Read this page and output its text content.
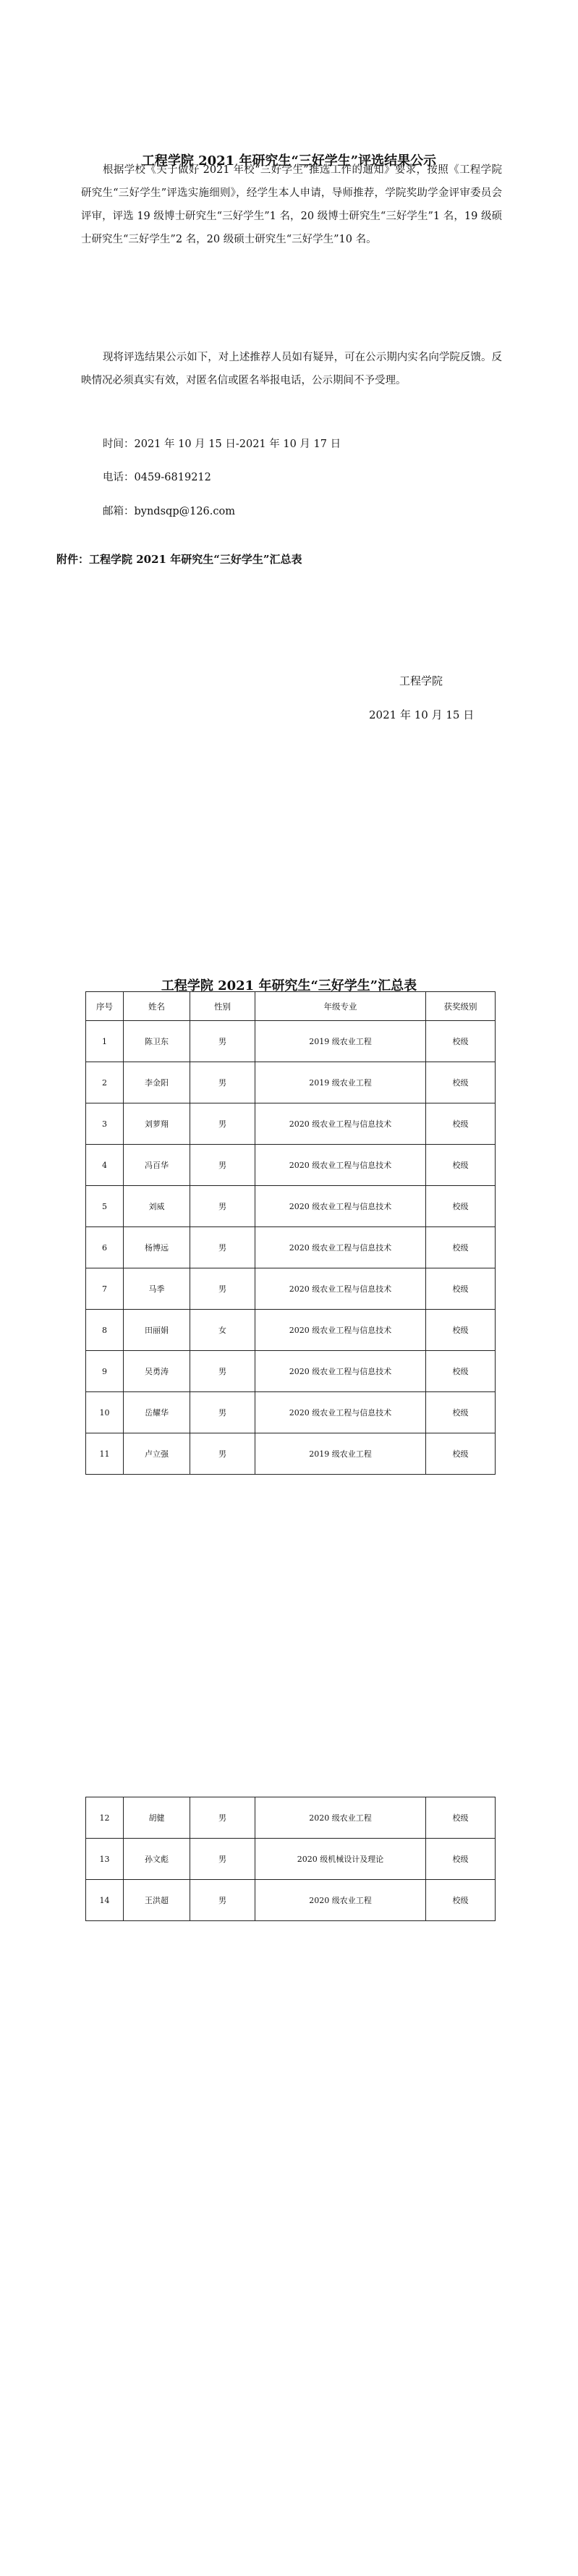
工程学院 2021 年研究生“三好学生”评选结果公示

根据学校《关于做好 2021 年校“三好学生”推选工作的通知》要求，按照《工程学院研究生“三好学生”评选实施细则》，经学生本人申请，导师推荐，学院奖助学金评审委员会评审，评选 19 级博士研究生“三好学生”1 名，20 级博士研究生“三好学生”1 名，19 级硕士研究生“三好学生”2 名，20 级硕士研究生“三好学生”10 名。

现将评选结果公示如下，对上述推荐人员如有疑异，可在公示期内实名向学院反馈。反映情况必须真实有效，对匿名信或匿名举报电话，公示期间不予受理。

时间：2021 年 10 月 15 日-2021 年 10 月 17 日
电话：0459-6819212
邮箱：byndsqp@126.com
附件：工程学院 2021 年研究生“三好学生”汇总表
工程学院
2021 年 10 月 15 日
工程学院 2021 年研究生“三好学生”汇总表
序号	姓名	性别	年级专业	获奖级别
1	陈卫东	男	2019 级农业工程	校级
2	李金阳	男	2019 级农业工程	校级
3	刘萝翔	男	2020 级农业工程与信息技术	校级
4	冯百华	男	2020 级农业工程与信息技术	校级
5	刘威	男	2020 级农业工程与信息技术	校级
6	杨博远	男	2020 级农业工程与信息技术	校级
7	马季	男	2020 级农业工程与信息技术	校级
8	田丽娟	女	2020 级农业工程与信息技术	校级
9	吴勇涛	男	2020 级农业工程与信息技术	校级
10	岳耀华	男	2020 级农业工程与信息技术	校级
11	卢立强	男	2019 级农业工程	校级
12	胡健	男	2020 级农业工程	校级
13	孙文彪	男	2020 级机械设计及理论	校级
14	王洪超	男	2020 级农业工程	校级
